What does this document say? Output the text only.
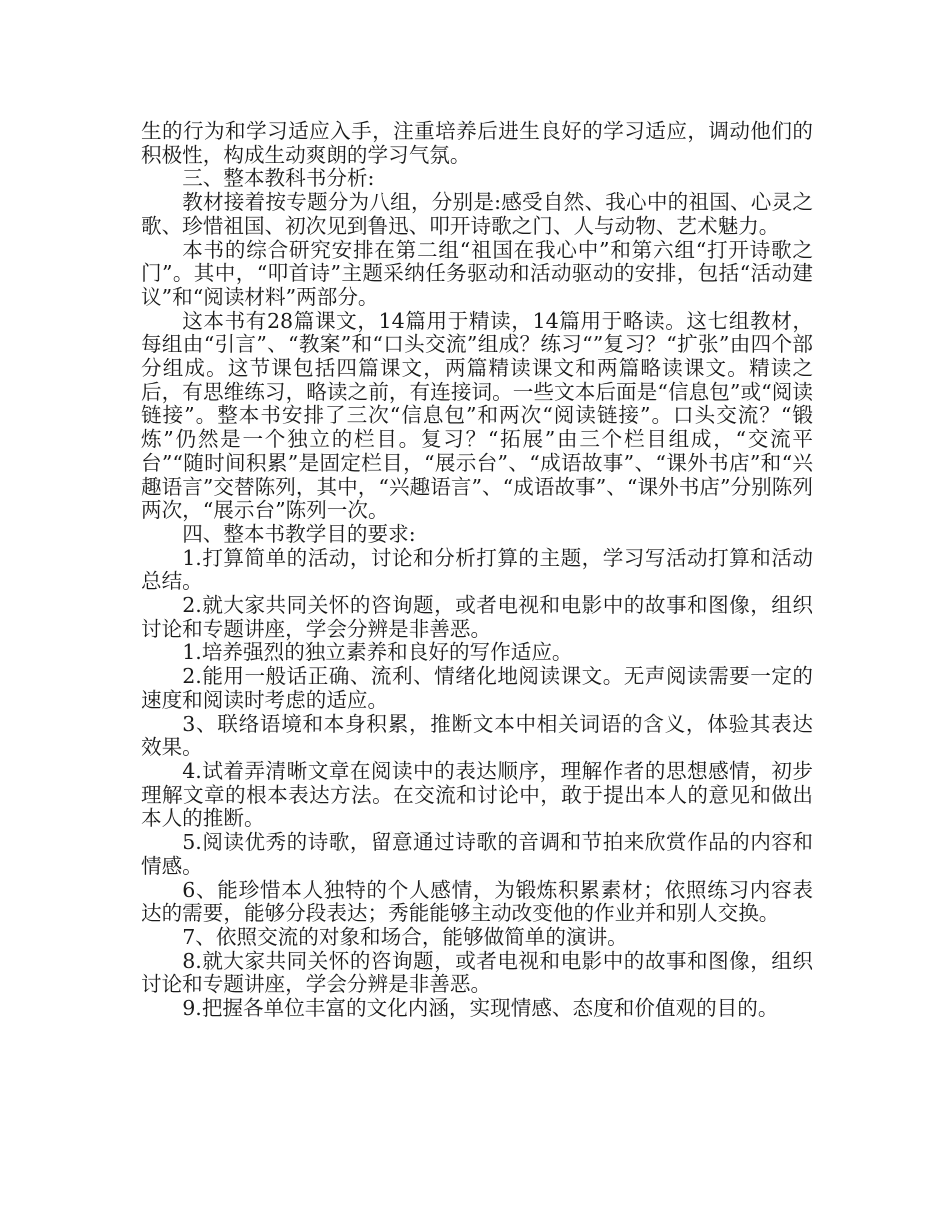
生的行为和学习适应入手，注重培养后进生良好的学习适应，调动他们的积极性，构成生动爽朗的学习气氛。

三、整本教科书分析:

教材接着按专题分为八组，分别是:感受自然、我心中的祖国、心灵之歌、珍惜祖国、初次见到鲁迅、叩开诗歌之门、人与动物、艺术魅力。

本书的综合研究安排在第二组“祖国在我心中”和第六组“打开诗歌之门”。其中，“叩首诗”主题采纳任务驱动和活动驱动的安排，包括“活动建议”和“阅读材料”两部分。

这本书有28篇课文，14篇用于精读，14篇用于略读。这七组教材，每组由“引言”、“教案”和“口头交流”组成？练习“”复习？“扩张”由四个部分组成。这节课包括四篇课文，两篇精读课文和两篇略读课文。精读之后，有思维练习，略读之前，有连接词。一些文本后面是“信息包”或“阅读链接”。整本书安排了三次“信息包”和两次“阅读链接”。口头交流？“锻炼”仍然是一个独立的栏目。复习？“拓展”由三个栏目组成，“交流平台”“随时间积累”是固定栏目，“展示台”、“成语故事”、“课外书店”和“兴趣语言”交替陈列，其中，“兴趣语言”、“成语故事”、“课外书店”分别陈列两次，“展示台”陈列一次。

四、整本书教学目的要求:

1.打算简单的活动，讨论和分析打算的主题，学习写活动打算和活动总结。

2.就大家共同关怀的咨询题，或者电视和电影中的故事和图像，组织讨论和专题讲座，学会分辨是非善恶。

1.培养强烈的独立素养和良好的写作适应。

2.能用一般话正确、流利、情绪化地阅读课文。无声阅读需要一定的速度和阅读时考虑的适应。

3、联络语境和本身积累，推断文本中相关词语的含义，体验其表达效果。

4.试着弄清晰文章在阅读中的表达顺序，理解作者的思想感情，初步理解文章的根本表达方法。在交流和讨论中，敢于提出本人的意见和做出本人的推断。

5.阅读优秀的诗歌，留意通过诗歌的音调和节拍来欣赏作品的内容和情感。

6、能珍惜本人独特的个人感情，为锻炼积累素材；依照练习内容表达的需要，能够分段表达；秀能能够主动改变他的作业并和别人交换。

7、依照交流的对象和场合，能够做简单的演讲。

8.就大家共同关怀的咨询题，或者电视和电影中的故事和图像，组织讨论和专题讲座，学会分辨是非善恶。

9.把握各单位丰富的文化内涵，实现情感、态度和价值观的目的。
